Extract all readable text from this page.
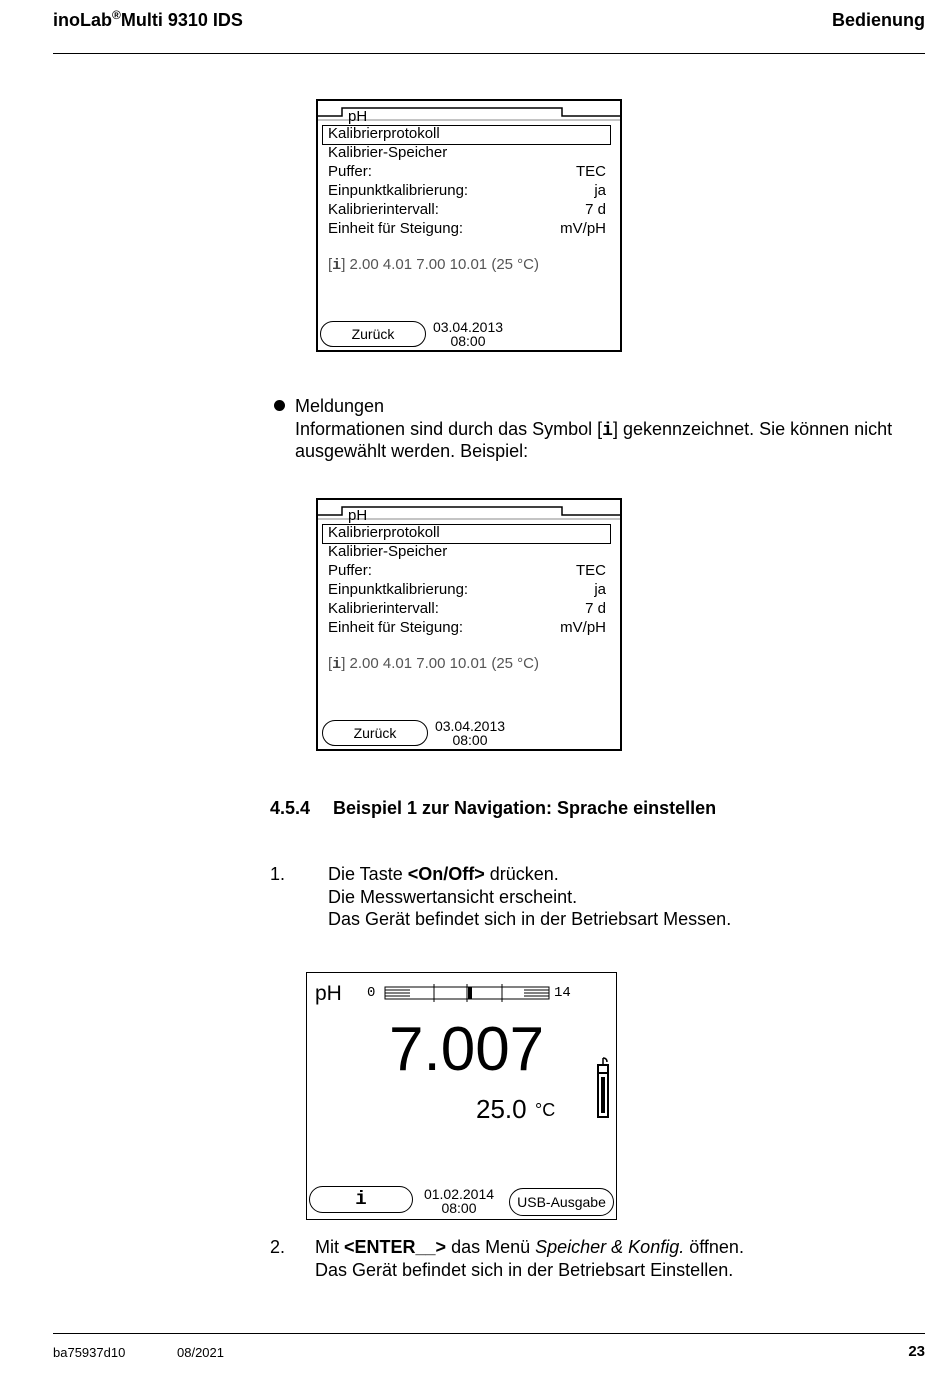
inoLab®Multi 9310 IDS	Bedienung
pH
Kalibrierprotokoll
Kalibrier-Speicher
Puffer:	TEC
Einpunktkalibrierung:	ja
Kalibrierintervall:	7 d
Einheit für Steigung:	mV/pH
[i] 2.00 4.01 7.00 10.01 (25 °C)
Zurück	03.04.2013
08:00
Meldungen
Informationen sind durch das Symbol [i] gekennzeichnet. Sie können nicht
ausgewählt werden. Beispiel:
pH
Kalibrierprotokoll
Kalibrier-Speicher
Puffer:	TEC
Einpunktkalibrierung:	ja
Kalibrierintervall:	7 d
Einheit für Steigung:	mV/pH
[i] 2.00 4.01 7.00 10.01 (25 °C)
Zurück	03.04.2013
08:00
4.5.4 Beispiel 1 zur Navigation: Sprache einstellen
1. Die Taste <On/Off> drücken.
Die Messwertansicht erscheint.
Das Gerät befindet sich in der Betriebsart Messen.
pH 0	14
7.007
25.0 °C
i	01.02.2014
08:00	USB-Ausgabe
2. Mit <ENTER__> das Menü Speicher & Konfig. öffnen.
Das Gerät befindet sich in der Betriebsart Einstellen.
ba75937d10	08/2021	23
